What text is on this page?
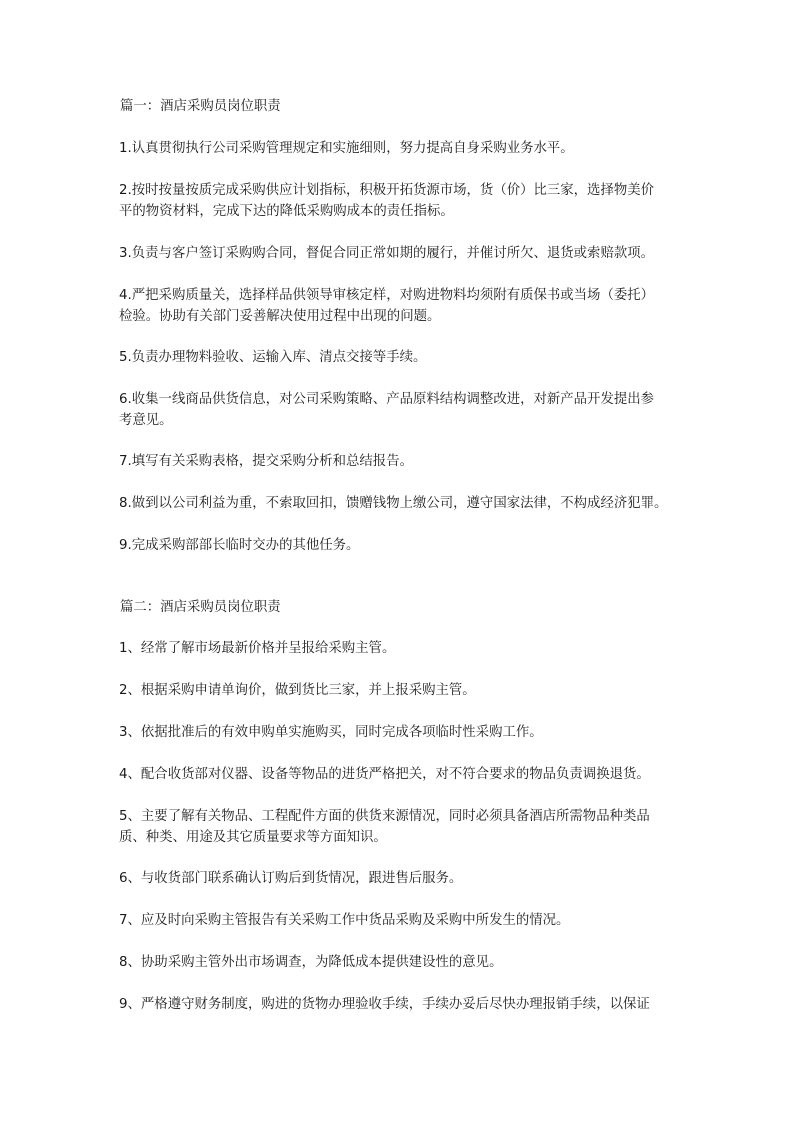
篇一：酒店采购员岗位职责

1.认真贯彻执行公司采购管理规定和实施细则，努力提高自身采购业务水平。

2.按时按量按质完成采购供应计划指标，积极开拓货源市场，货（价）比三家，选择物美价
平的物资材料，完成下达的降低采购购成本的责任指标。

3.负责与客户签订采购购合同，督促合同正常如期的履行，并催讨所欠、退货或索赔款项。

4.严把采购质量关，选择样品供领导审核定样，对购进物料均须附有质保书或当场（委托）
检验。协助有关部门妥善解决使用过程中出现的问题。

5.负责办理物料验收、运输入库、清点交接等手续。

6.收集一线商品供货信息，对公司采购策略、产品原料结构调整改进，对新产品开发提出参
考意见。

7.填写有关采购表格，提交采购分析和总结报告。

8.做到以公司利益为重，不索取回扣，馈赠钱物上缴公司，遵守国家法律，不构成经济犯罪。

9.完成采购部部长临时交办的其他任务。

篇二：酒店采购员岗位职责

1、经常了解市场最新价格并呈报给采购主管。

2、根据采购申请单询价，做到货比三家，并上报采购主管。

3、依据批准后的有效申购单实施购买，同时完成各项临时性采购工作。

4、配合收货部对仪器、设备等物品的进货严格把关，对不符合要求的物品负责调换退货。

5、主要了解有关物品、工程配件方面的供货来源情况，同时必须具备酒店所需物品种类品
质、种类、用途及其它质量要求等方面知识。

6、与收货部门联系确认订购后到货情况，跟进售后服务。

7、应及时向采购主管报告有关采购工作中货品采购及采购中所发生的情况。

8、协助采购主管外出市场调查，为降低成本提供建设性的意见。

9、严格遵守财务制度，购进的货物办理验收手续，手续办妥后尽快办理报销手续，以保证
